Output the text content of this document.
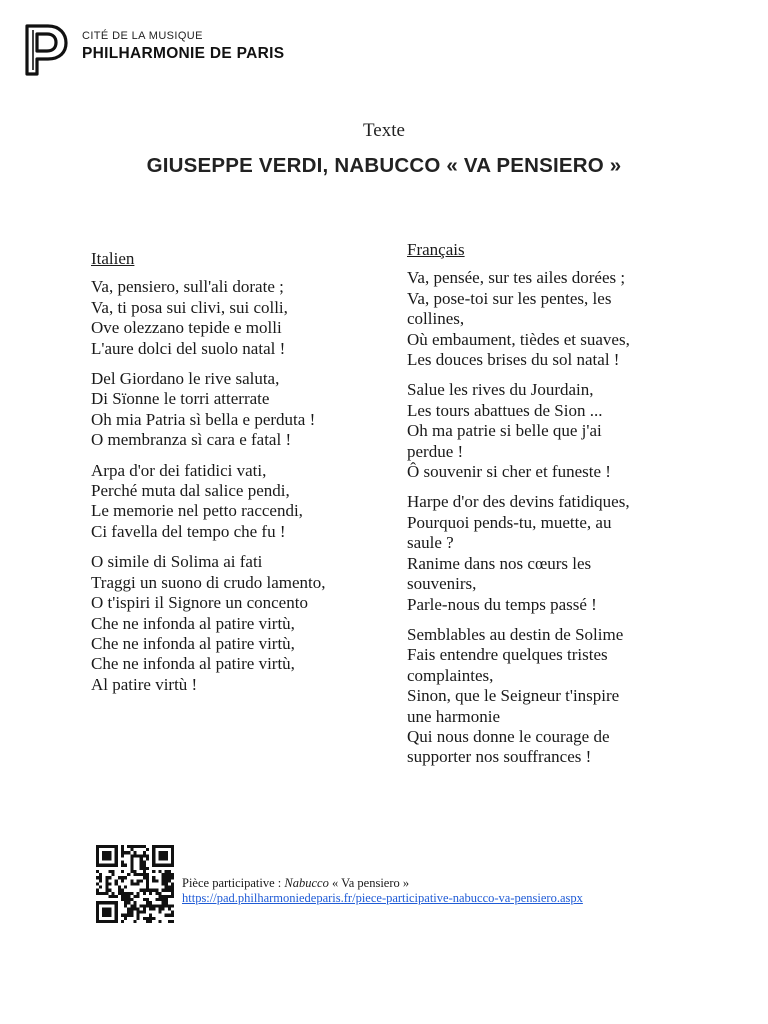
CITÉ DE LA MUSIQUE
PHILHARMONIE DE PARIS
Texte
GIUSEPPE VERDI, NABUCCO « VA PENSIERO »
Italien
Va, pensiero, sull'ali dorate ;
Va, ti posa sui clivi, sui colli,
Ove olezzano tepide e molli
L'aure dolci del suolo natal !
Del Giordano le rive saluta,
Di Sïonne le torri atterrate
Oh mia Patria sì bella e perduta !
O membranza sì cara e fatal !
Arpa d'or dei fatidici vati,
Perché muta dal salice pendi,
Le memorie nel petto raccendi,
Ci favella del tempo che fu !
O simile di Solima ai fati
Traggi un suono di crudo lamento,
O t'ispiri il Signore un concento
Che ne infonda al patire virtù,
Che ne infonda al patire virtù,
Che ne infonda al patire virtù,
Al patire virtù !
Français
Va, pensée, sur tes ailes dorées ;
Va, pose-toi sur les pentes, les
collines,
Où embaument, tièdes et suaves,
Les douces brises du sol natal !
Salue les rives du Jourdain,
Les tours abattues de Sion ...
Oh ma patrie si belle que j'ai
perdue !
Ô souvenir si cher et funeste !
Harpe d'or des devins fatidiques,
Pourquoi pends-tu, muette, au
saule ?
Ranime dans nos cœurs les
souvenirs,
Parle-nous du temps passé !
Semblables au destin de Solime
Fais entendre quelques tristes
complaintes,
Sinon, que le Seigneur t'inspire
une harmonie
Qui nous donne le courage de
supporter nos souffrances !
Pièce participative : Nabucco « Va pensiero »
https://pad.philharmoniedeparis.fr/piece-participative-nabucco-va-pensiero.aspx
